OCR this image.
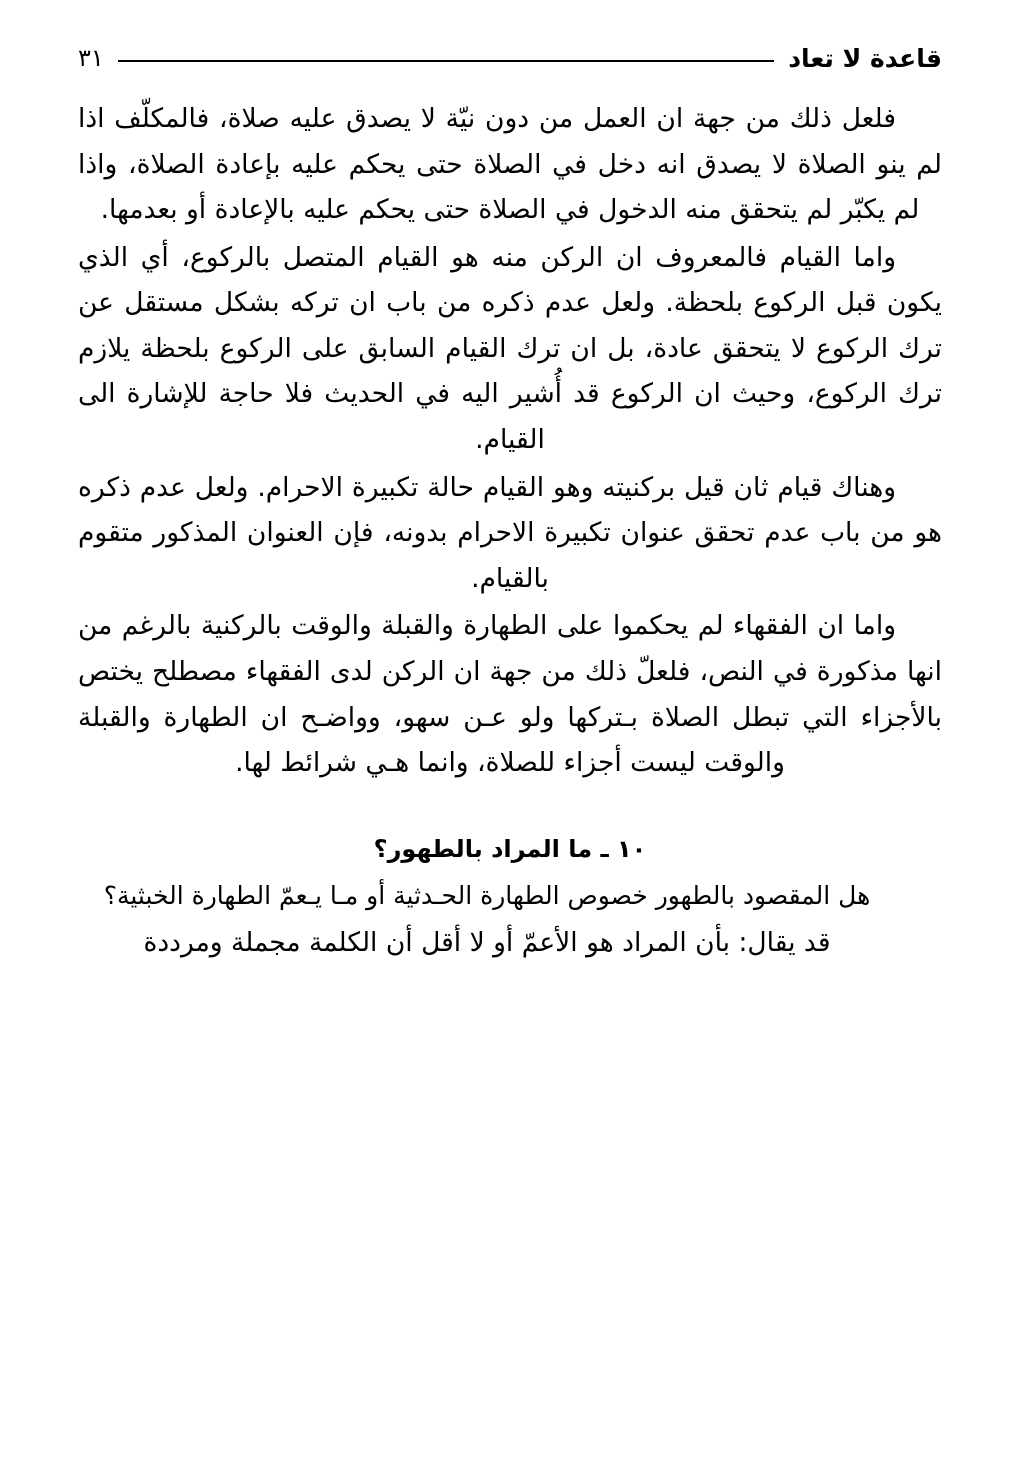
قاعدة لا تعاد
٣١

فلعل ذلك من جهة ان العمل من دون نيّة لا يصدق عليه صلاة، فالمكلّف اذا لم ينو الصلاة لا يصدق انه دخل في الصلاة حتى يحكم عليه بإعادة الصلاة، واذا لم يكبّر لم يتحقق منه الدخول في الصلاة حتى يحكم عليه بالإعادة أو بعدمها.

واما القيام فالمعروف ان الركن منه هو القيام المتصل بالركوع، أي الذي يكون قبل الركوع بلحظة. ولعل عدم ذكره من باب ان تركه بشكل مستقل عن ترك الركوع لا يتحقق عادة، بل ان ترك القيام السابق على الركوع بلحظة يلازم ترك الركوع، وحيث ان الركوع قد أُشير اليه في الحديث فلا حاجة للإشارة الى القيام.

وهناك قيام ثان قيل بركنيته وهو القيام حالة تكبيرة الاحرام. ولعل عدم ذكره هو من باب عدم تحقق عنوان تكبيرة الاحرام بدونه، فإن العنوان المذكور متقوم بالقيام.

واما ان الفقهاء لم يحكموا على الطهارة والقبلة والوقت بالركنية بالرغم من انها مذكورة في النص، فلعلّ ذلك من جهة ان الركن لدى الفقهاء مصطلح يختص بالأجزاء التي تبطل الصلاة بـتركها ولو عـن سهو، وواضـح ان الطهارة والقبلة والوقت ليست أجزاء للصلاة، وانما هـي شرائط لها.

١٠ ـ ما المراد بالطهور؟

هل المقصود بالطهور خصوص الطهارة الحـدثية أو مـا يـعمّ الطهارة الخبثية؟

قد يقال: بأن المراد هو الأعمّ أو لا أقل أن الكلمة مجملة ومرددة
